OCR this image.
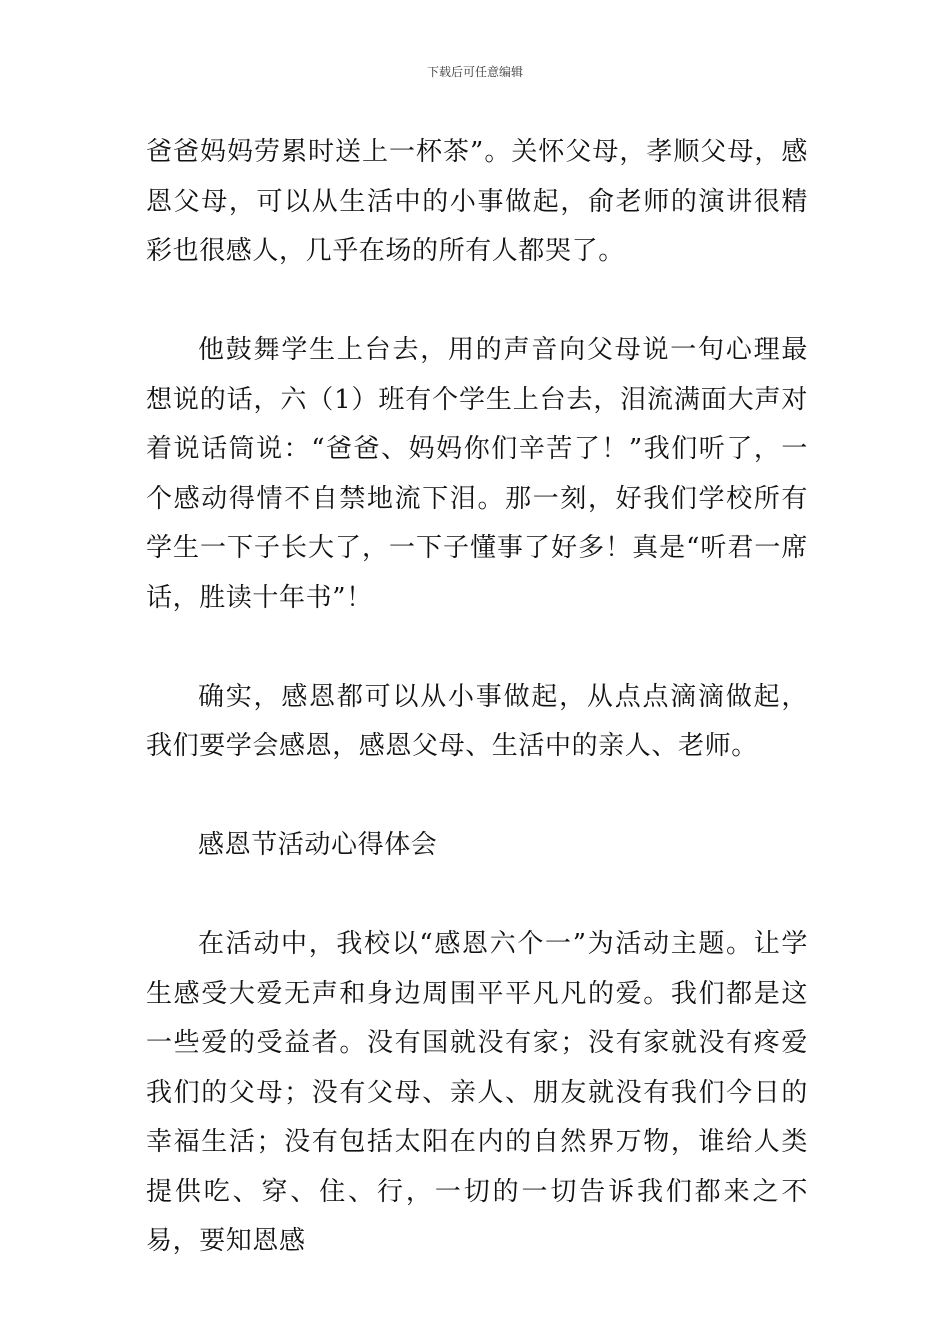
下载后可任意编辑

爸爸妈妈劳累时送上一杯茶”。关怀父母，孝顺父母，感恩父母，可以从生活中的小事做起，俞老师的演讲很精彩也很感人，几乎在场的所有人都哭了。

他鼓舞学生上台去，用的声音向父母说一句心理最想说的话，六（1）班有个学生上台去，泪流满面大声对着说话筒说：“爸爸、妈妈你们辛苦了！”我们听了，一个感动得情不自禁地流下泪。那一刻，好我们学校所有学生一下子长大了，一下子懂事了好多！真是“听君一席话，胜读十年书”！

确实，感恩都可以从小事做起，从点点滴滴做起，我们要学会感恩，感恩父母、生活中的亲人、老师。

感恩节活动心得体会

在活动中，我校以“感恩六个一”为活动主题。让学生感受大爱无声和身边周围平平凡凡的爱。我们都是这一些爱的受益者。没有国就没有家；没有家就没有疼爱我们的父母；没有父母、亲人、朋友就没有我们今日的幸福生活；没有包括太阳在内的自然界万物，谁给人类提供吃、穿、住、行，一切的一切告诉我们都来之不易，要知恩感
